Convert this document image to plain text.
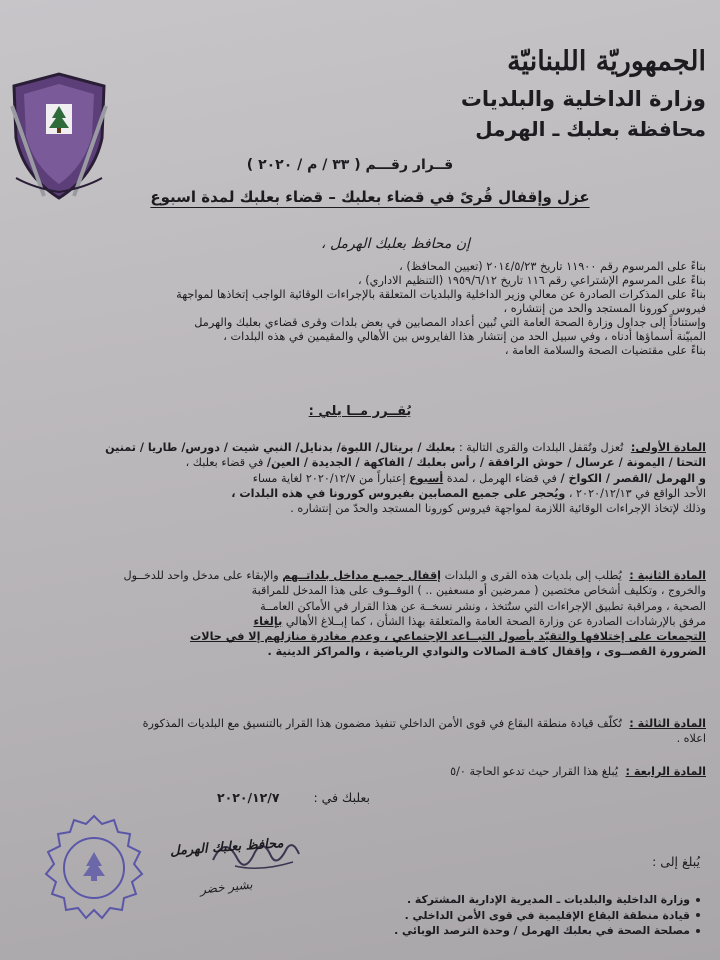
الجمهوريّة اللبنانيّة
وزارة الداخلية والبلديات
محافظة بعلبك ـ الهرمل
قــرار رقـــم ( ٣٣ / م / ٢٠٢٠ )
عزل وإقفال قُرىً في قضاء بعلبك – قضاء بعلبك لمدة اسبوع
إن محافظ بعلبك الهرمل ،

بناءً على المرسوم رقم ١١٩٠٠ تاريخ ٢٠١٤/٥/٢٣ (تعيين المحافظ) ،

بناءً على المرسوم الإشتراعي رقم ١١٦ تاريخ ١٩٥٩/٦/١٢ (التنظيم الاداري) ،

بناءً على المذكرات الصادرة عن معالي وزير الداخلية والبلديات المتعلقة بالإجراءات الوقائية الواجب إتخاذها لمواجهة

فيروس كورونا المستجد والحد من إنتشاره ،

وإستناداً إلى جداول وزارة الصحة العامة التي تُبين أعداد المصابين في بعض بلدات وقرى قضاءي بعلبك والهرمل

المبيّنة أسماؤها أدناه ، وفي سبيل الحد من إنتشار هذا الفايروس بين الأهالي والمقيمين في هذه البلدات ،

بناءً على مقتضيات الصحة والسلامة العامة ،

يُقــرر مــا يلي :

المادة الأولى: تُعزل وتُقفل البلدات والقرى التالية : بعلبك / بريتال/ اللبوة/ بدنايل/ النبي شيت / دورس/ طاريا / تمنين

التحتا / اليمونة / عرسال / حوش الرافقة / رأس بعلبك / الفاكهة / الجديدة / العين/ في قضاء بعلبك ،

و الهرمل /القصر / الكواخ / في قضاء الهرمل ، لمدة أسبوع إعتباراً من ٢٠٢٠/١٢/٧ لغاية مساء

الأحد الواقع في ٢٠٢٠/١٢/١٣ ، ويُحجر على جميع المصابين بفيروس كورونا في هذه البلدات ،

وذلك لإتخاذ الإجراءات الوقائية اللازمة لمواجهة فيروس كورونا المستجد والحدّ من إنتشاره .

المادة الثانية : يُطلب إلى بلديات هذه القرى و البلدات إقفال جميـع مداخل بلداتــهم والإبقاء على مدخل واحد للدخــول

والخروج ، وتكليف أشخاص مختصين ( ممرضين أو مسعفين .. ) الوقــوف على هذا المدخل للمراقبة

الصحية ، ومراقبة تطبيق الإجراءات التي ستُتخذ ، ونشر نسخــة عن هذا القرار في الأماكن العامــة

مرفق بالإرشادات الصادرة عن وزارة الصحة العامة والمتعلقة بهذا الشأن ، كما إبــلاغ الأهالي بإلغاء

التجمعات على إختلافها والتقيّد بأصول التبــاعد الإجتماعي ، وعدم مغادرة منازلهم إلا في حالات

الضرورة القصــوى ، وإقفال كافـة الصالات والنوادي الرياضية ، والمراكز الدينية .

المادة الثالثة : تُكلّف قيادة منطقة البقاع في قوى الأمن الداخلي تنفيذ مضمون هذا القرار بالتنسيق مع البلديات المذكورة

اعلاه .

المادة الرابعة : يُبلغ هذا القرار حيث تدعو الحاجة ٥/٠

بعلبك في : ٢٠٢٠/١٢/٧
محافظ بعلبك الهرمل
بشير خضر
يُبلغ إلى :
وزارة الداخلية والبلديات ـ المديرية الإدارية المشتركة .
قيادة منطقة البقاع الإقليمية في قوى الأمن الداخلي .
مصلحة الصحة في بعلبك الهرمل / وحدة الترصد الوبائي .
